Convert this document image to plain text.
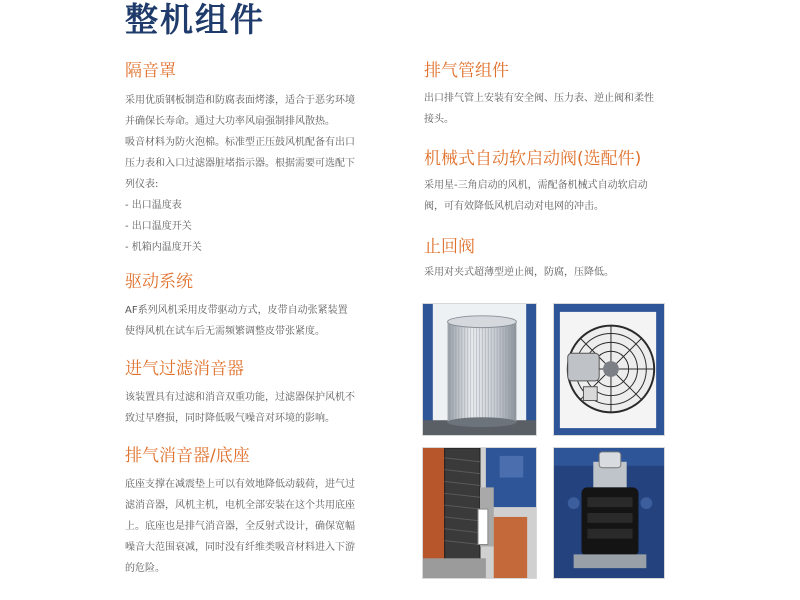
整机组件
隔音罩
采用优质钢板制造和防腐表面烤漆，适合于恶劣环境
并确保长寿命。通过大功率风扇强制排风散热。
吸音材料为防火泡棉。标准型正压鼓风机配备有出口
压力表和入口过滤器脏堵指示器。根据需要可选配下
列仪表:
- 出口温度表
- 出口温度开关
- 机箱内温度开关
驱动系统
AF系列风机采用皮带驱动方式，皮带自动张紧装置
使得风机在试车后无需频繁调整皮带张紧度。
进气过滤消音器
该装置具有过滤和消音双重功能，过滤器保护风机不
致过早磨损，同时降低吸气噪音对环境的影响。
排气消音器/底座
底座支撑在减震垫上可以有效地降低动载荷，进气过
滤消音器，风机主机，电机全部安装在这个共用底座
上。底座也是排气消音器，全反射式设计，确保宽幅
噪音大范围衰减，同时没有纤维类吸音材料进入下游
的危险。
排气管组件
出口排气管上安装有安全阀、压力表、逆止阀和柔性
接头。
机械式自动软启动阀(选配件)
采用星-三角启动的风机，需配备机械式自动软启动
阀，可有效降低风机启动对电网的冲击。
止回阀
采用对夹式超薄型逆止阀，防腐，压降低。
